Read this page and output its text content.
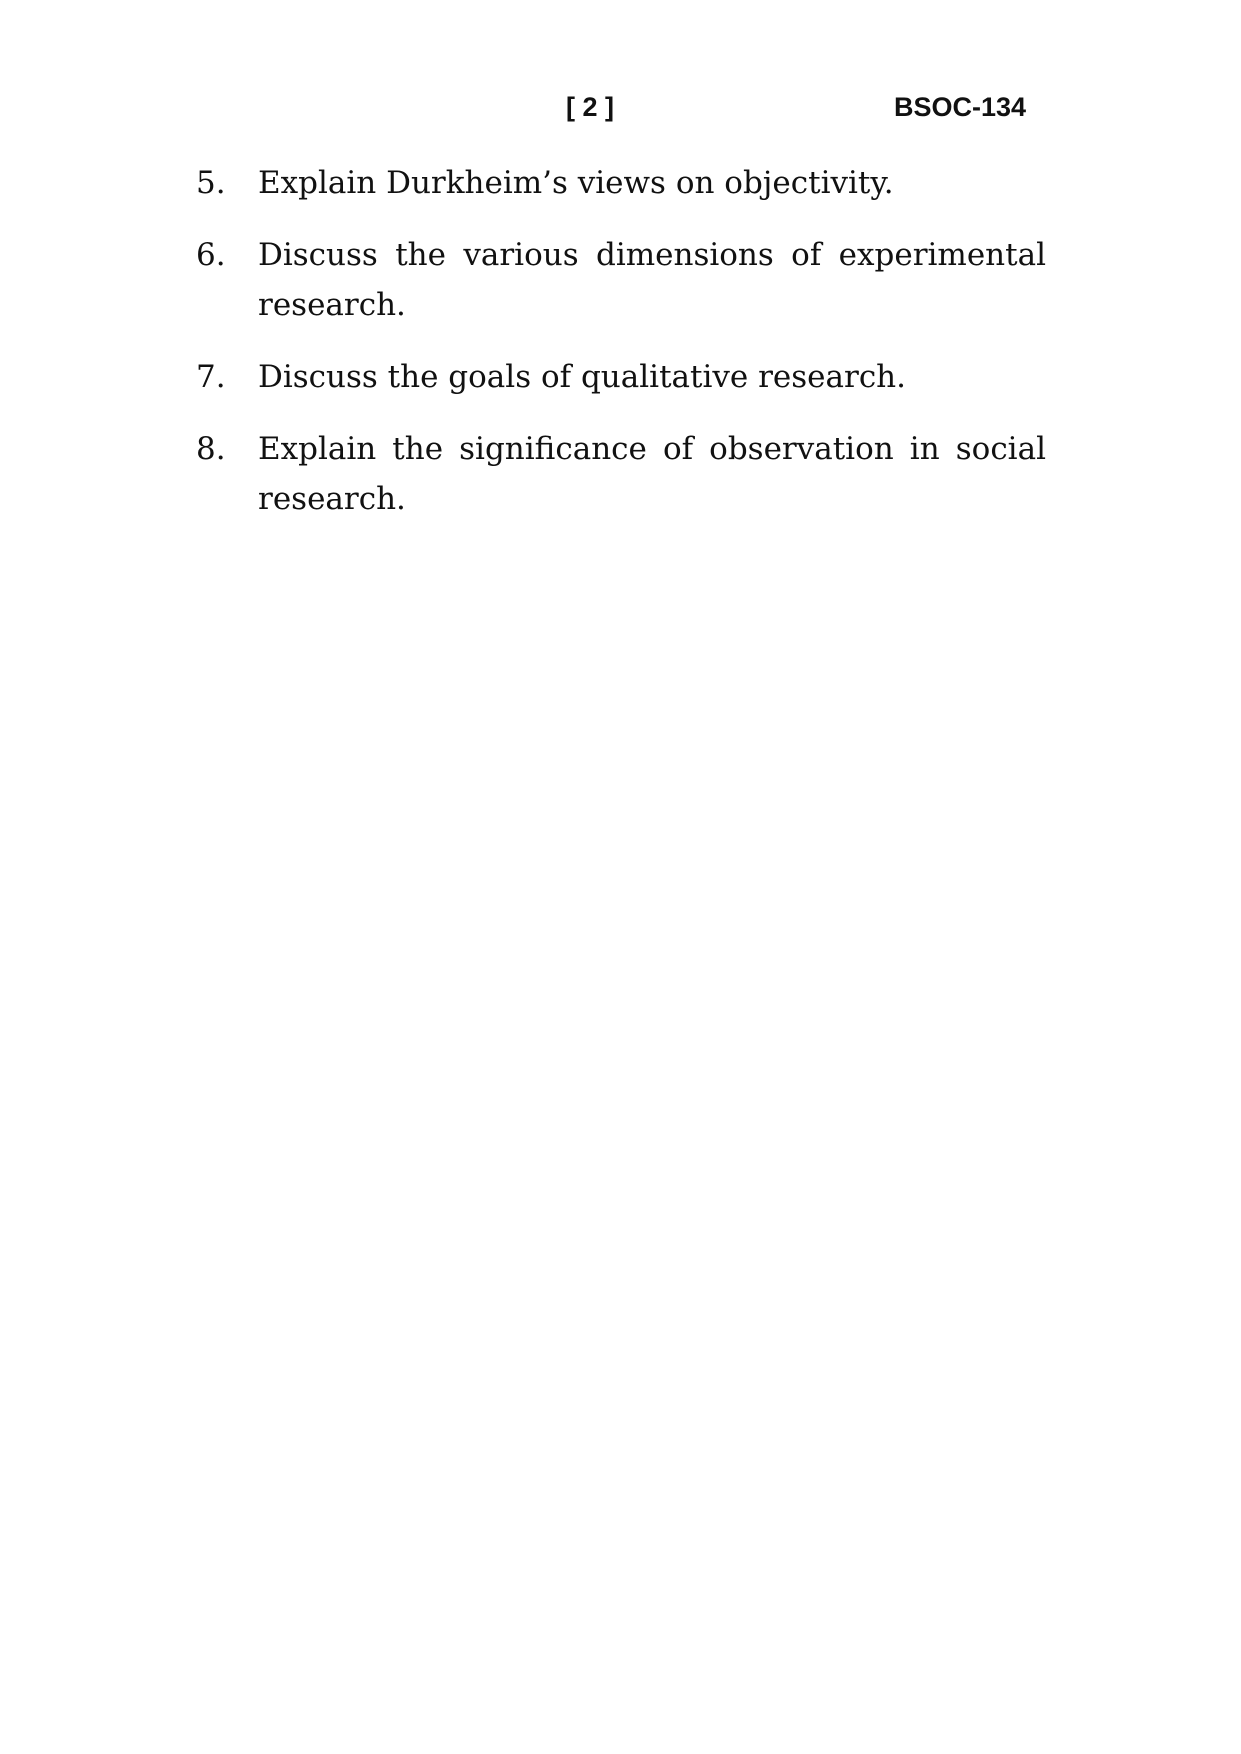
[ 2 ]	BSOC-134
5. Explain Durkheim’s views on objectivity.
6. Discuss the various dimensions of experimental research.
7. Discuss the goals of qualitative research.
8. Explain the significance of observation in social research.
